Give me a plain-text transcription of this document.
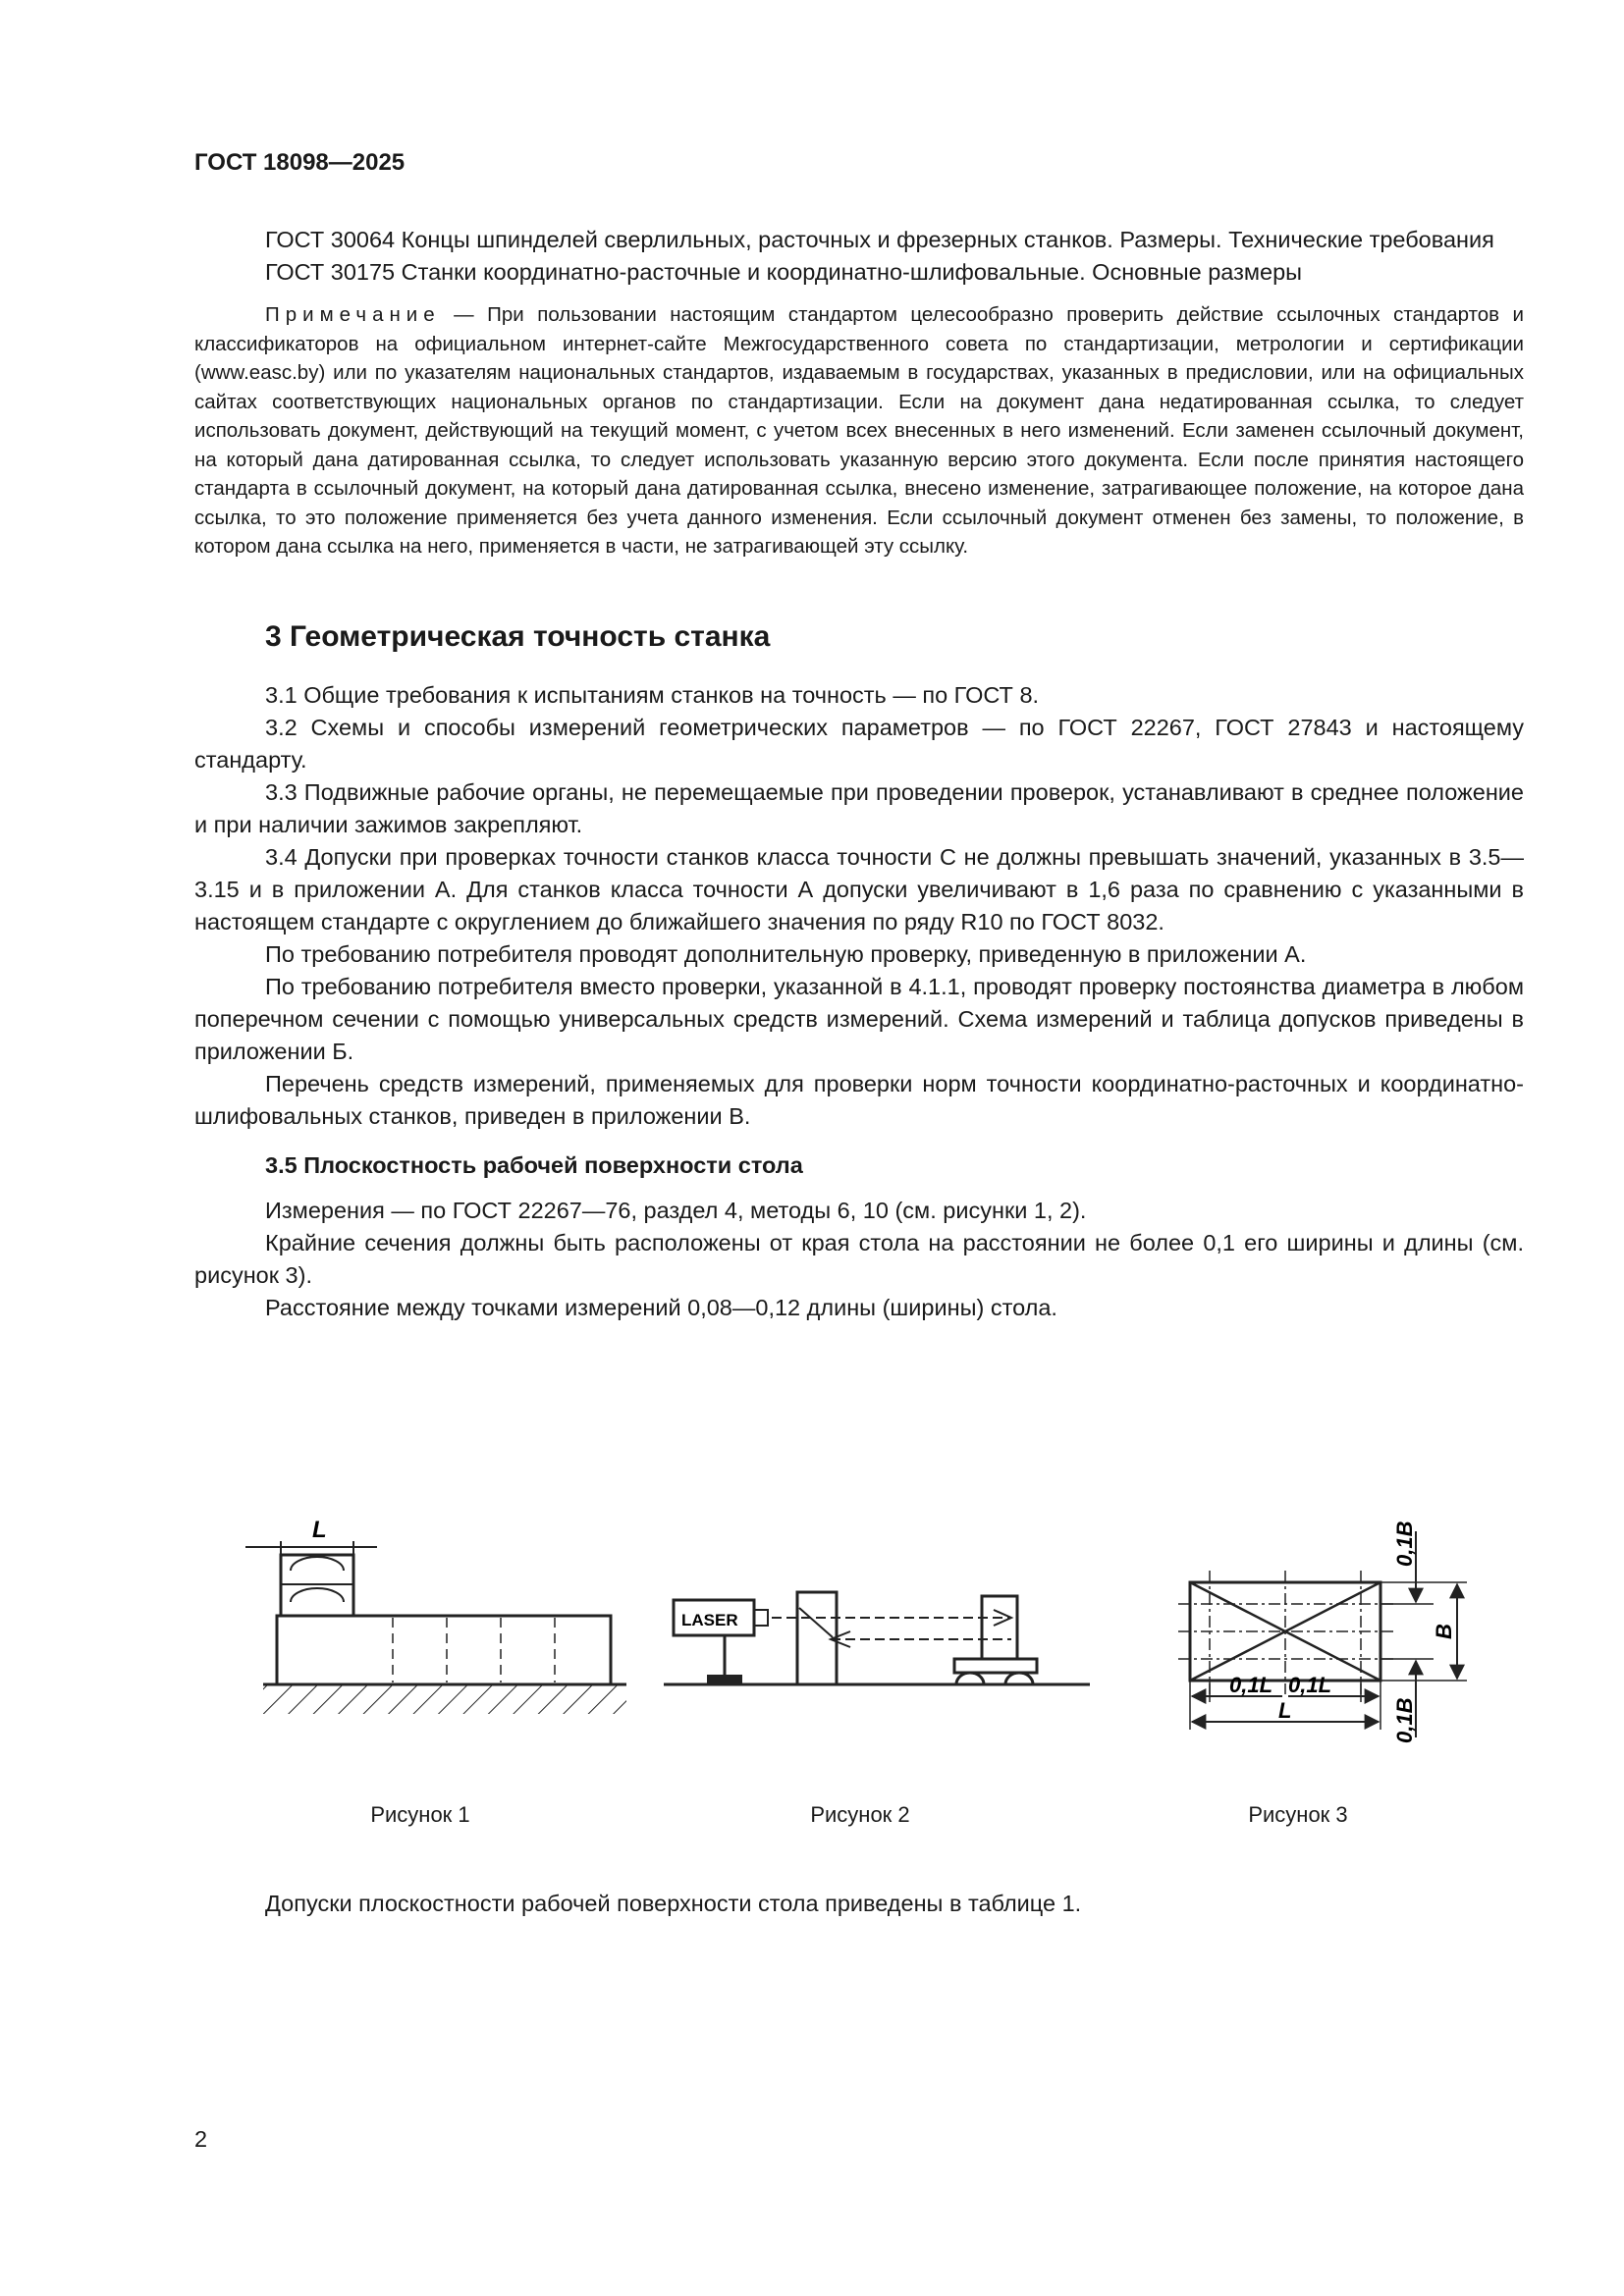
ГОСТ 18098—2025

ГОСТ 30064 Концы шпинделей сверлильных, расточных и фрезерных станков. Размеры. Технические требования

ГОСТ 30175 Станки координатно-расточные и координатно-шлифовальные. Основные размеры

Примечание — При пользовании настоящим стандартом целесообразно проверить действие ссылочных стандартов и классификаторов на официальном интернет-сайте Межгосударственного совета по стандартизации, метрологии и сертификации (www.easc.by) или по указателям национальных стандартов, издаваемым в государствах, указанных в предисловии, или на официальных сайтах соответствующих национальных органов по стандартизации. Если на документ дана недатированная ссылка, то следует использовать документ, действующий на текущий момент, с учетом всех внесенных в него изменений. Если заменен ссылочный документ, на который дана датированная ссылка, то следует использовать указанную версию этого документа. Если после принятия настоящего стандарта в ссылочный документ, на который дана датированная ссылка, внесено изменение, затрагивающее положение, на которое дана ссылка, то это положение применяется без учета данного изменения. Если ссылочный документ отменен без замены, то положение, в котором дана ссылка на него, применяется в части, не затрагивающей эту ссылку.

3 Геометрическая точность станка

3.1 Общие требования к испытаниям станков на точность — по ГОСТ 8.

3.2 Схемы и способы измерений геометрических параметров — по ГОСТ 22267, ГОСТ 27843 и настоящему стандарту.

3.3 Подвижные рабочие органы, не перемещаемые при проведении проверок, устанавливают в среднее положение и при наличии зажимов закрепляют.

3.4 Допуски при проверках точности станков класса точности С не должны превышать значений, указанных в 3.5—3.15 и в приложении А. Для станков класса точности А допуски увеличивают в 1,6 раза по сравнению с указанными в настоящем стандарте с округлением до ближайшего значения по ряду R10 по ГОСТ 8032.

По требованию потребителя проводят дополнительную проверку, приведенную в приложении А.

По требованию потребителя вместо проверки, указанной в 4.1.1, проводят проверку постоянства диаметра в любом поперечном сечении с помощью универсальных средств измерений. Схема измерений и таблица допусков приведены в приложении Б.

Перечень средств измерений, применяемых для проверки норм точности координатно-расточных и координатно-шлифовальных станков, приведен в приложении В.

3.5 Плоскостность рабочей поверхности стола

Измерения — по ГОСТ 22267—76, раздел 4, методы 6, 10 (см. рисунки 1, 2).

Крайние сечения должны быть расположены от края стола на расстоянии не более 0,1 его ширины и длины (см. рисунок 3).

Расстояние между точками измерений 0,08—0,12 длины (ширины) стола.

L
LASER
0,1B
B
0,1B
0,1L 0,1L
L
Рисунок 1	Рисунок 2	Рисунок 3
Допуски плоскостности рабочей поверхности стола приведены в таблице 1.
2
